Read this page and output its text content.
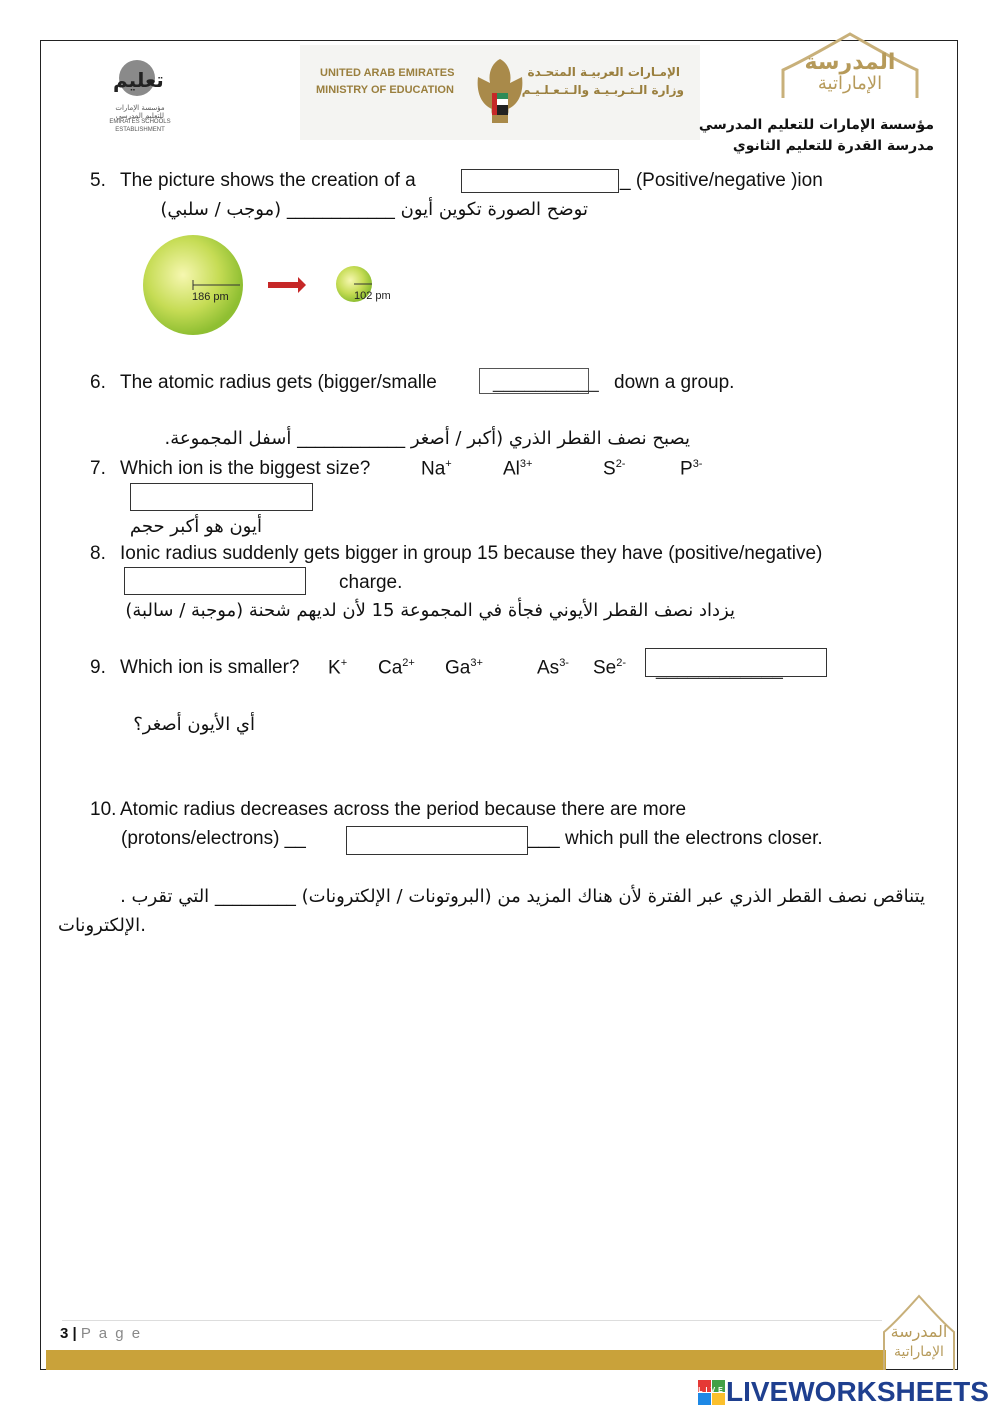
تعليم
مؤسسة الإمارات للتعليم المدرسي
EMIRATES SCHOOLS ESTABLISHMENT
UNITED ARAB EMIRATES
MINISTRY OF EDUCATION
الإمـارات العربيـة المتحـدة
وزارة الـتـربـيـة والـتـعـلـيـم
المدرسة
الإماراتية
مؤسسة الإمارات للتعليم المدرسي
مدرسة القدرة للتعليم الثانوي
5. The picture shows the creation of a	_ (Positive/negative )ion
توضح الصورة تكوين أيون ____________ (موجب / سلبي)
186 pm	102 pm
6. The atomic radius gets (bigger/smalle	__________ down a group.
يصبح نصف القطر الذري (أكبر / أصغر ____________ أسفل المجموعة.
7. Which ion is the biggest size?	Na+	$Al^{3+}$	$S^{2-}$	$P^{3-}$
أيون هو أكبر حجم
8. Ionic radius suddenly gets bigger in group 15 because they have (positive/negative)
charge.
يزداد نصف القطر الأيوني فجأة في المجموعة 15 لأن لديهم شحنة (موجبة / سالبة)
9. Which ion is smaller? K+ $Ca^{2+}$ $Ga^{3+}$	$As^{3-}$ $Se^{2-}$ ____________
أي الأيون أصغر؟
10. Atomic radius decreases across the period because there are more
(protons/electrons) __	___ which pull the electrons closer.
يتناقص نصف القطر الذري عبر الفترة لأن هناك المزيد من (البروتونات / الإلكترونات) _________ التي تقرب .
الإلكترونات.
3 | P a g e	المدرسة
الإماراتية
LIVE LIVEWORKSHEETS
